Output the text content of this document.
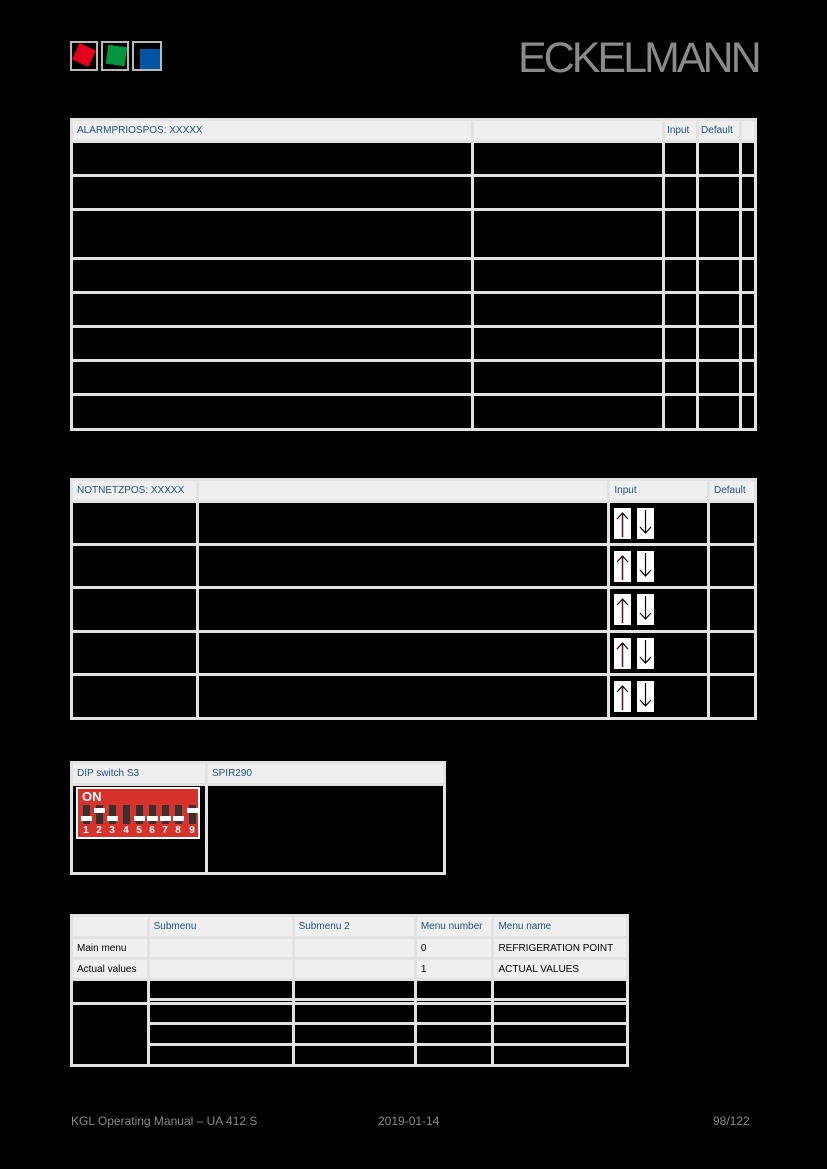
ECKELMANN
ALARMPRIOSPOS: XXXXX		Input	Default	

NOTNETZPOS: XXXXX		Input	Default

DIP switch S3	SPIR290

ON
1 2 3 4 5 6 7 8 9
	Submenu	Submenu 2	Menu number	Menu name
Main menu			0	REFRIGERATION POINT
Actual values			1	ACTUAL VALUES

KGL Operating Manual – UA 412 S	2019-01-14	98/122
